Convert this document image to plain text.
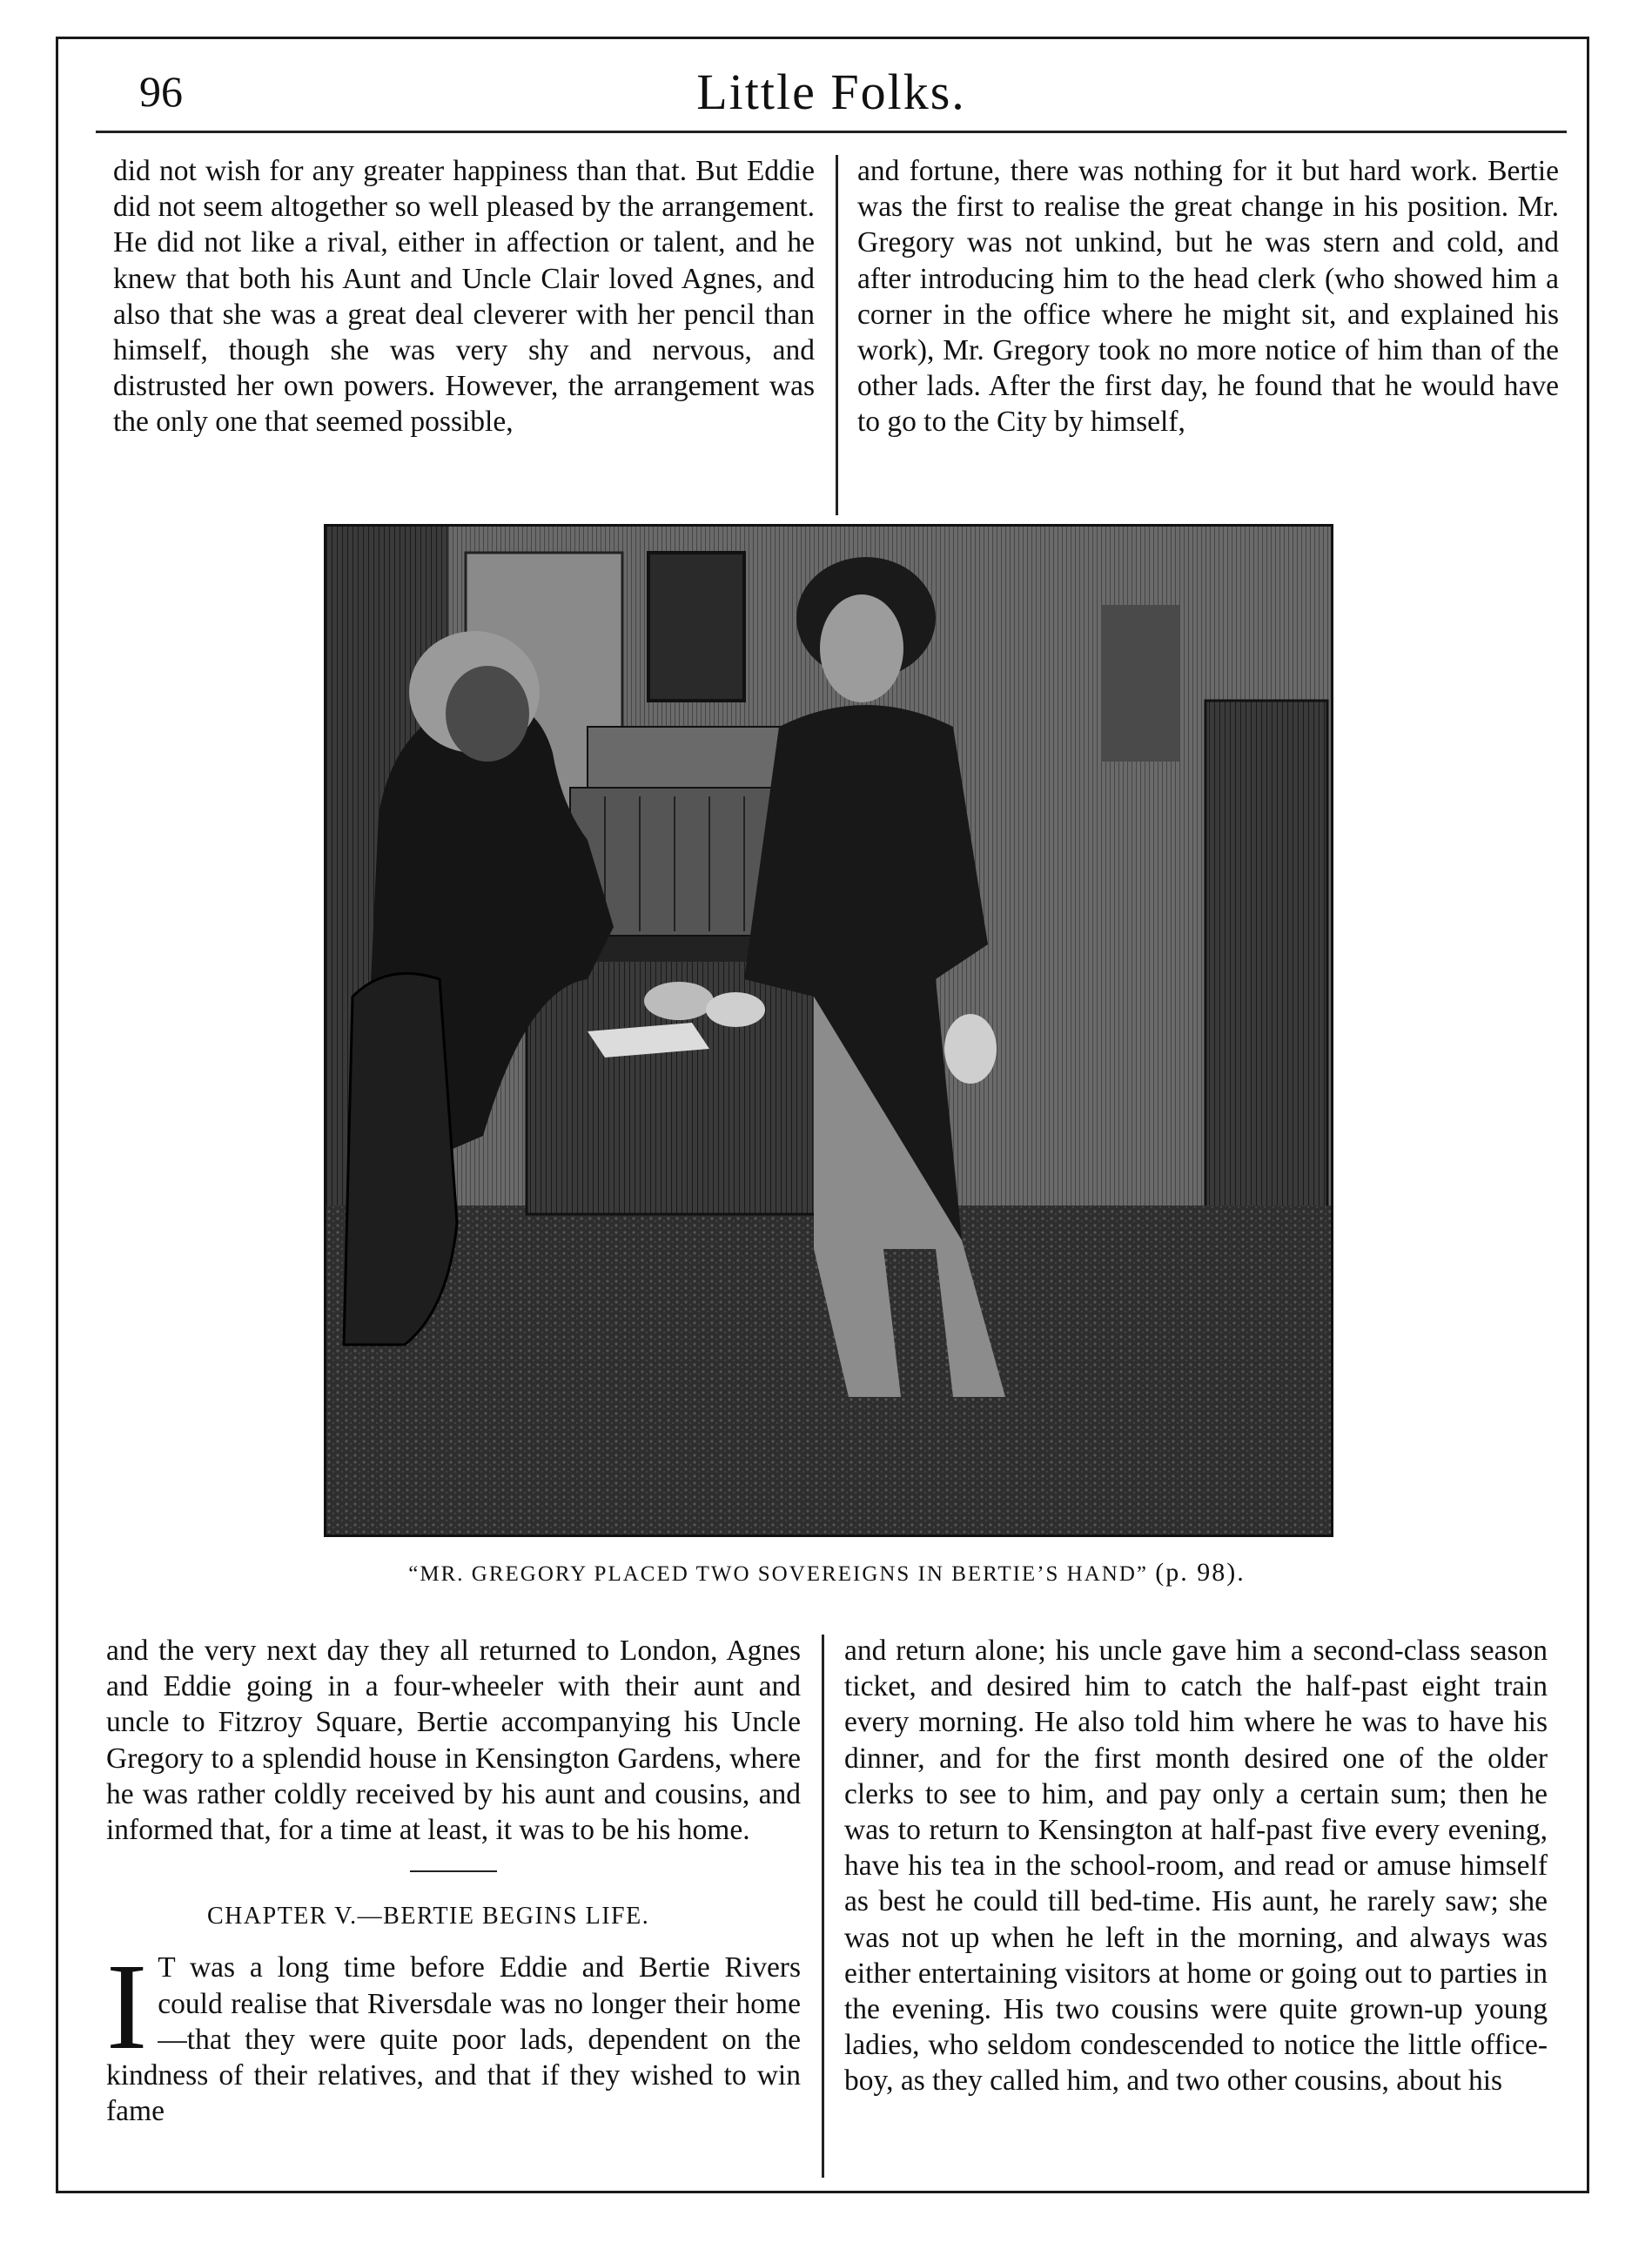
96	Little Folks.

did not wish for any greater happiness than that. But Eddie did not seem altogether so well pleased by the arrangement. He did not like a rival, either in affection or talent, and he knew that both his Aunt and Uncle Clair loved Agnes, and also that she was a great deal cleverer with her pencil than himself, though she was very shy and nervous, and distrusted her own powers. However, the arrangement was the only one that seemed possible,

and fortune, there was nothing for it but hard work. Bertie was the first to realise the great change in his position. Mr. Gregory was not unkind, but he was stern and cold, and after introducing him to the head clerk (who showed him a corner in the office where he might sit, and explained his work), Mr. Gregory took no more notice of him than of the other lads. After the first day, he found that he would have to go to the City by himself,

“MR. GREGORY PLACED TWO SOVEREIGNS IN BERTIE’S HAND” (p. 98).

and the very next day they all returned to London, Agnes and Eddie going in a four-wheeler with their aunt and uncle to Fitzroy Square, Bertie accompanying his Uncle Gregory to a splendid house in Kensington Gardens, where he was rather coldly received by his aunt and cousins, and informed that, for a time at least, it was to be his home.

CHAPTER V.—BERTIE BEGINS LIFE.
I T was a long time before Eddie and Bertie Rivers could realise that Riversdale was no longer their home—that they were quite poor lads, dependent on the kindness of their relatives, and that if they wished to win fame

and return alone; his uncle gave him a second-class season ticket, and desired him to catch the half-past eight train every morning. He also told him where he was to have his dinner, and for the first month desired one of the older clerks to see to him, and pay only a certain sum; then he was to return to Kensington at half-past five every evening, have his tea in the school-room, and read or amuse himself as best he could till bed-time. His aunt, he rarely saw; she was not up when he left in the morning, and always was either entertaining visitors at home or going out to parties in the evening. His two cousins were quite grown-up young ladies, who seldom condescended to notice the little office-boy, as they called him, and two other cousins, about his
